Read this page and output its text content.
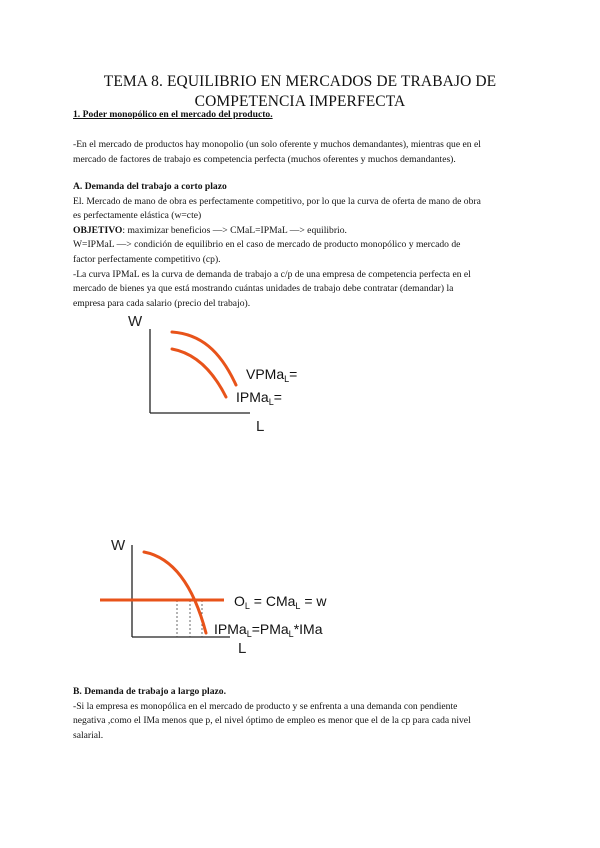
TEMA 8. EQUILIBRIO EN MERCADOS DE TRABAJO DE
COMPETENCIA IMPERFECTA
1. Poder monopólico en el mercado del producto.
-En el mercado de productos hay monopolio (un solo oferente y muchos demandantes), mientras que en el
mercado de factores de trabajo es competencia perfecta (muchos oferentes y muchos demandantes).
A. Demanda del trabajo a corto plazo
El. Mercado de mano de obra es perfectamente competitivo, por lo que la curva de oferta de mano de obra
es perfectamente elástica (w=cte)
OBJETIVO: maximizar beneficios —> CMaL=IPMaL —> equilibrio.
W=IPMaL —> condición de equilibrio en el caso de mercado de producto monopólico y mercado de
factor perfectamente competitivo (cp).
-La curva IPMaL es la curva de demanda de trabajo a c/p de una empresa de competencia perfecta en el
mercado de bienes ya que está mostrando cuántas unidades de trabajo debe contratar (demandar) la
empresa para cada salario (precio del trabajo).
W
L
VPMa$_L$=
IPMa$_L$=
W
L
$O_L = CMa_L = w$
IPMa$_L$=PMa$_L$*IMa
B. Demanda de trabajo a largo plazo.
-Si la empresa es monopólica en el mercado de producto y se enfrenta a una demanda con pendiente
negativa ,como el IMa menos que p, el nivel óptimo de empleo es menor que el de la cp para cada nivel
salarial.
